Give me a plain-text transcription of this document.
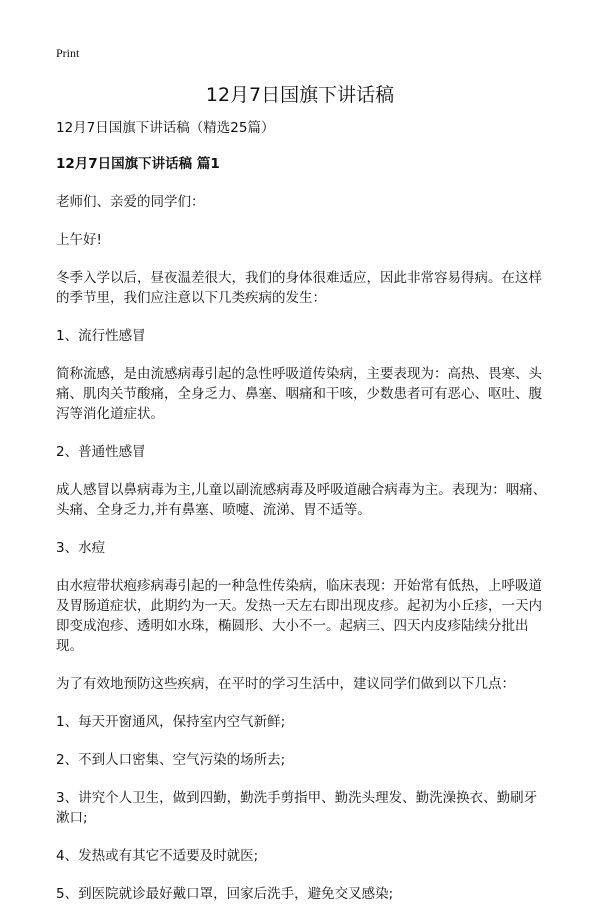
Print
12月7日国旗下讲话稿

12月7日国旗下讲话稿（精选25篇）

12月7日国旗下讲话稿 篇1

老师们、亲爱的同学们：

上午好!

冬季入学以后，昼夜温差很大，我们的身体很难适应，因此非常容易得病。在这样的季节里，我们应注意以下几类疾病的发生：

1、流行性感冒

简称流感，是由流感病毒引起的急性呼吸道传染病，主要表现为：高热、畏寒、头痛、肌肉关节酸痛，全身乏力、鼻塞、咽痛和干咳，少数患者可有恶心、呕吐、腹泻等消化道症状。

2、普通性感冒

成人感冒以鼻病毒为主,儿童以副流感病毒及呼吸道融合病毒为主。表现为：咽痛、头痛、全身乏力,并有鼻塞、喷嚏、流涕、胃不适等。

3、水痘

由水痘带状疱疹病毒引起的一种急性传染病，临床表现：开始常有低热，上呼吸道及胃肠道症状，此期约为一天。发热一天左右即出现皮疹。起初为小丘疹，一天内即变成泡疹、透明如水珠，椭圆形、大小不一。起病三、四天内皮疹陆续分批出现。

为了有效地预防这些疾病，在平时的学习生活中，建议同学们做到以下几点：

1、每天开窗通风，保持室内空气新鲜;

2、不到人口密集、空气污染的场所去;

3、讲究个人卫生，做到四勤，勤洗手剪指甲、勤洗头理发、勤洗澡换衣、勤刷牙漱口;

4、发热或有其它不适要及时就医;

5、到医院就诊最好戴口罩，回家后洗手，避免交叉感染;
